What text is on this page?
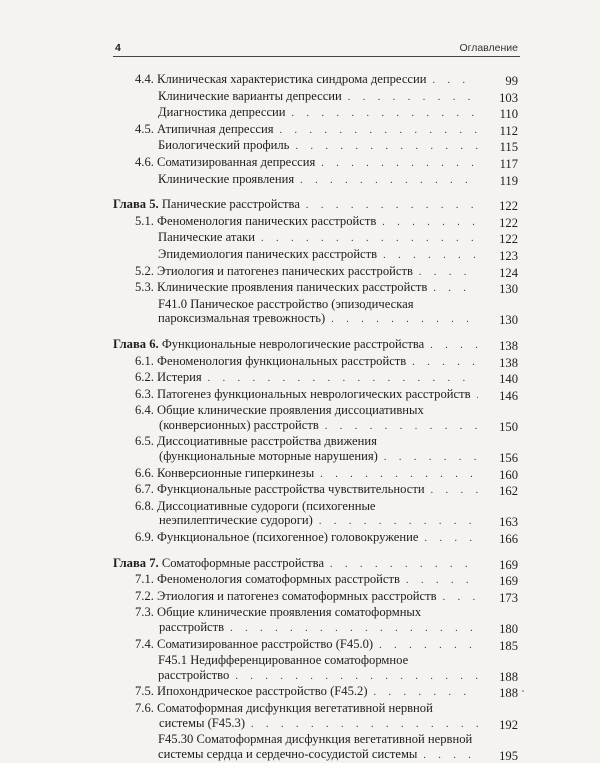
4	Оглавление
4.4. Клиническая характеристика синдрома депрессии . . .	99
Клинические варианты депрессии . . .	103
Диагностика депрессии . . .	110
4.5. Атипичная депрессия . . .	112
Биологический профиль . . .	115
4.6. Соматизированная депрессия . . .	117
Клинические проявления . . .	119
Глава 5. Панические расстройства . . .	122
5.1. Феноменология панических расстройств . . .	122
Панические атаки . . .	122
Эпидемиология панических расстройств . . .	123
5.2. Этиология и патогенез панических расстройств . . .	124
5.3. Клинические проявления панических расстройств . . .	130
F41.0 Паническое расстройство (эпизодическая
пароксизмальная тревожность) . . .	130
Глава 6. Функциональные неврологические расстройства . . .	138
6.1. Феноменология функциональных расстройств . . .	138
6.2. Истерия . . .	140
6.3. Патогенез функциональных неврологических расстройств . . .	146
6.4. Общие клинические проявления диссоциативных
(конверсионных) расстройств . . .	150
6.5. Диссоциативные расстройства движения
(функциональные моторные нарушения) . . .	156
6.6. Конверсионные гиперкинезы . . .	160
6.7. Функциональные расстройства чувствительности . . .	162
6.8. Диссоциативные судороги (психогенные
неэпилептические судороги) . . .	163
6.9. Функциональное (психогенное) головокружение . . .	166
Глава 7. Соматоформные расстройства . . .	169
7.1. Феноменология соматоформных расстройств . . .	169
7.2. Этиология и патогенез соматоформных расстройств . . .	173
7.3. Общие клинические проявления соматоформных
расстройств . . .	180
7.4. Соматизированное расстройство (F45.0) . . .	185
F45.1 Недифференцированное соматоформное
расстройство . . .	188
7.5. Ипохондрическое расстройство (F45.2) . . .	188
7.6. Соматоформная дисфункция вегетативной нервной
системы (F45.3) . . .	192
F45.30 Соматоформная дисфункция вегетативной нервной
системы сердца и сердечно-сосудистой системы . . .	195
